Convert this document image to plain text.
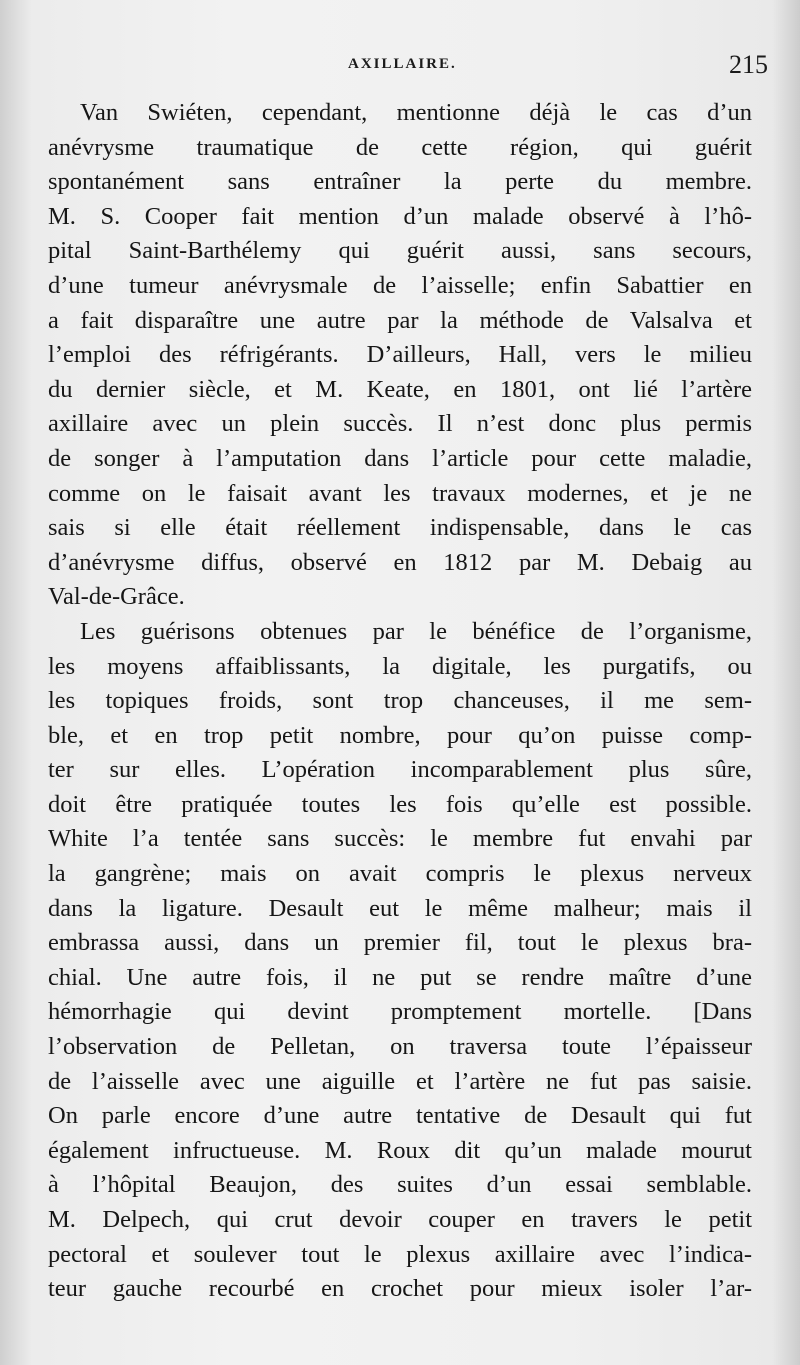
AXILLAIRE.	215
Van Swiéten, cependant, mentionne déjà le cas d’un
anévrysme traumatique de cette région, qui guérit
spontanément sans entraîner la perte du membre.
M. S. Cooper fait mention d’un malade observé à l’hô-
pital Saint-Barthélemy qui guérit aussi, sans secours,
d’une tumeur anévrysmale de l’aisselle; enfin Sabattier en
a fait disparaître une autre par la méthode de Valsalva et
l’emploi des réfrigérants. D’ailleurs, Hall, vers le milieu
du dernier siècle, et M. Keate, en 1801, ont lié l’artère
axillaire avec un plein succès. Il n’est donc plus permis
de songer à l’amputation dans l’article pour cette maladie,
comme on le faisait avant les travaux modernes, et je ne
sais si elle était réellement indispensable, dans le cas
d’anévrysme diffus, observé en 1812 par M. Debaig au
Val-de-Grâce.
Les guérisons obtenues par le bénéfice de l’organisme,
les moyens affaiblissants, la digitale, les purgatifs, ou
les topiques froids, sont trop chanceuses, il me sem-
ble, et en trop petit nombre, pour qu’on puisse comp-
ter sur elles. L’opération incomparablement plus sûre,
doit être pratiquée toutes les fois qu’elle est possible.
White l’a tentée sans succès: le membre fut envahi par
la gangrène; mais on avait compris le plexus nerveux
dans la ligature. Desault eut le même malheur; mais il
embrassa aussi, dans un premier fil, tout le plexus bra-
chial. Une autre fois, il ne put se rendre maître d’une
hémorrhagie qui devint promptement mortelle. [Dans
l’observation de Pelletan, on traversa toute l’épaisseur
de l’aisselle avec une aiguille et l’artère ne fut pas saisie.
On parle encore d’une autre tentative de Desault qui fut
également infructueuse. M. Roux dit qu’un malade mourut
à l’hôpital Beaujon, des suites d’un essai semblable.
M. Delpech, qui crut devoir couper en travers le petit
pectoral et soulever tout le plexus axillaire avec l’indica-
teur gauche recourbé en crochet pour mieux isoler l’ar-
